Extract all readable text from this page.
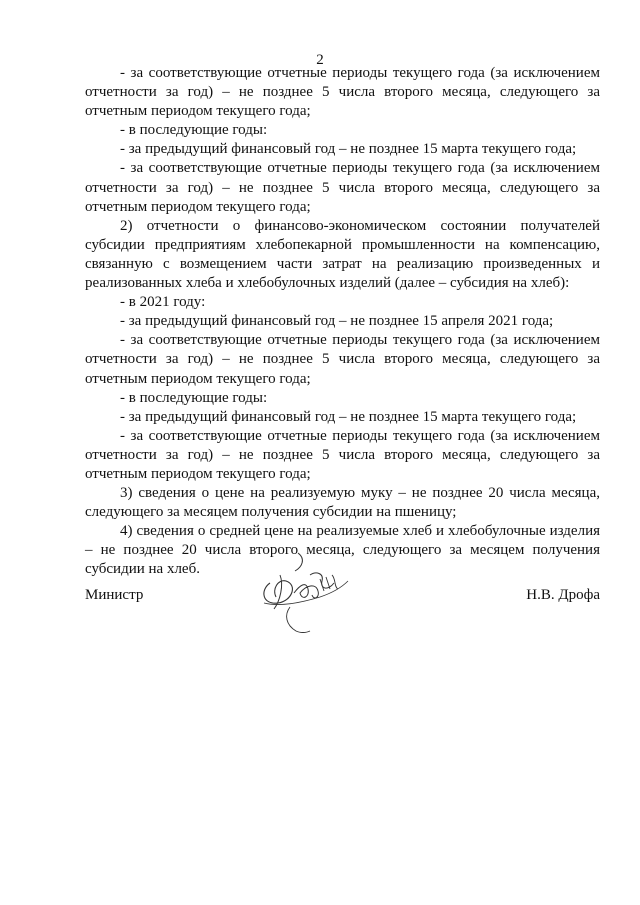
2

- за соответствующие отчетные периоды текущего года (за исключением отчетности за год) – не позднее 5 числа второго месяца, следующего за отчетным периодом текущего года;

- в последующие годы:

- за предыдущий финансовый год – не позднее 15 марта текущего года;

- за соответствующие отчетные периоды текущего года (за исключением отчетности за год) – не позднее 5 числа второго месяца, следующего за отчетным периодом текущего года;

2) отчетности о финансово-экономическом состоянии получателей субсидии предприятиям хлебопекарной промышленности на компенсацию, связанную с возмещением части затрат на реализацию произведенных и реализованных хлеба и хлебобулочных изделий (далее – субсидия на хлеб):

- в 2021 году:

- за предыдущий финансовый год – не позднее 15 апреля 2021 года;

- за соответствующие отчетные периоды текущего года (за исключением отчетности за год) – не позднее 5 числа второго месяца, следующего за отчетным периодом текущего года;

- в последующие годы:

- за предыдущий финансовый год – не позднее 15 марта текущего года;

- за соответствующие отчетные периоды текущего года (за исключением отчетности за год) – не позднее 5 числа второго месяца, следующего за отчетным периодом текущего года;

3) сведения о цене на реализуемую муку – не позднее 20 числа месяца, следующего за месяцем получения субсидии на пшеницу;

4) сведения о средней цене на реализуемые хлеб и хлебобулочные изделия – не позднее 20 числа второго месяца, следующего за месяцем получения субсидии на хлеб.

Министр	Н.В. Дрофа
